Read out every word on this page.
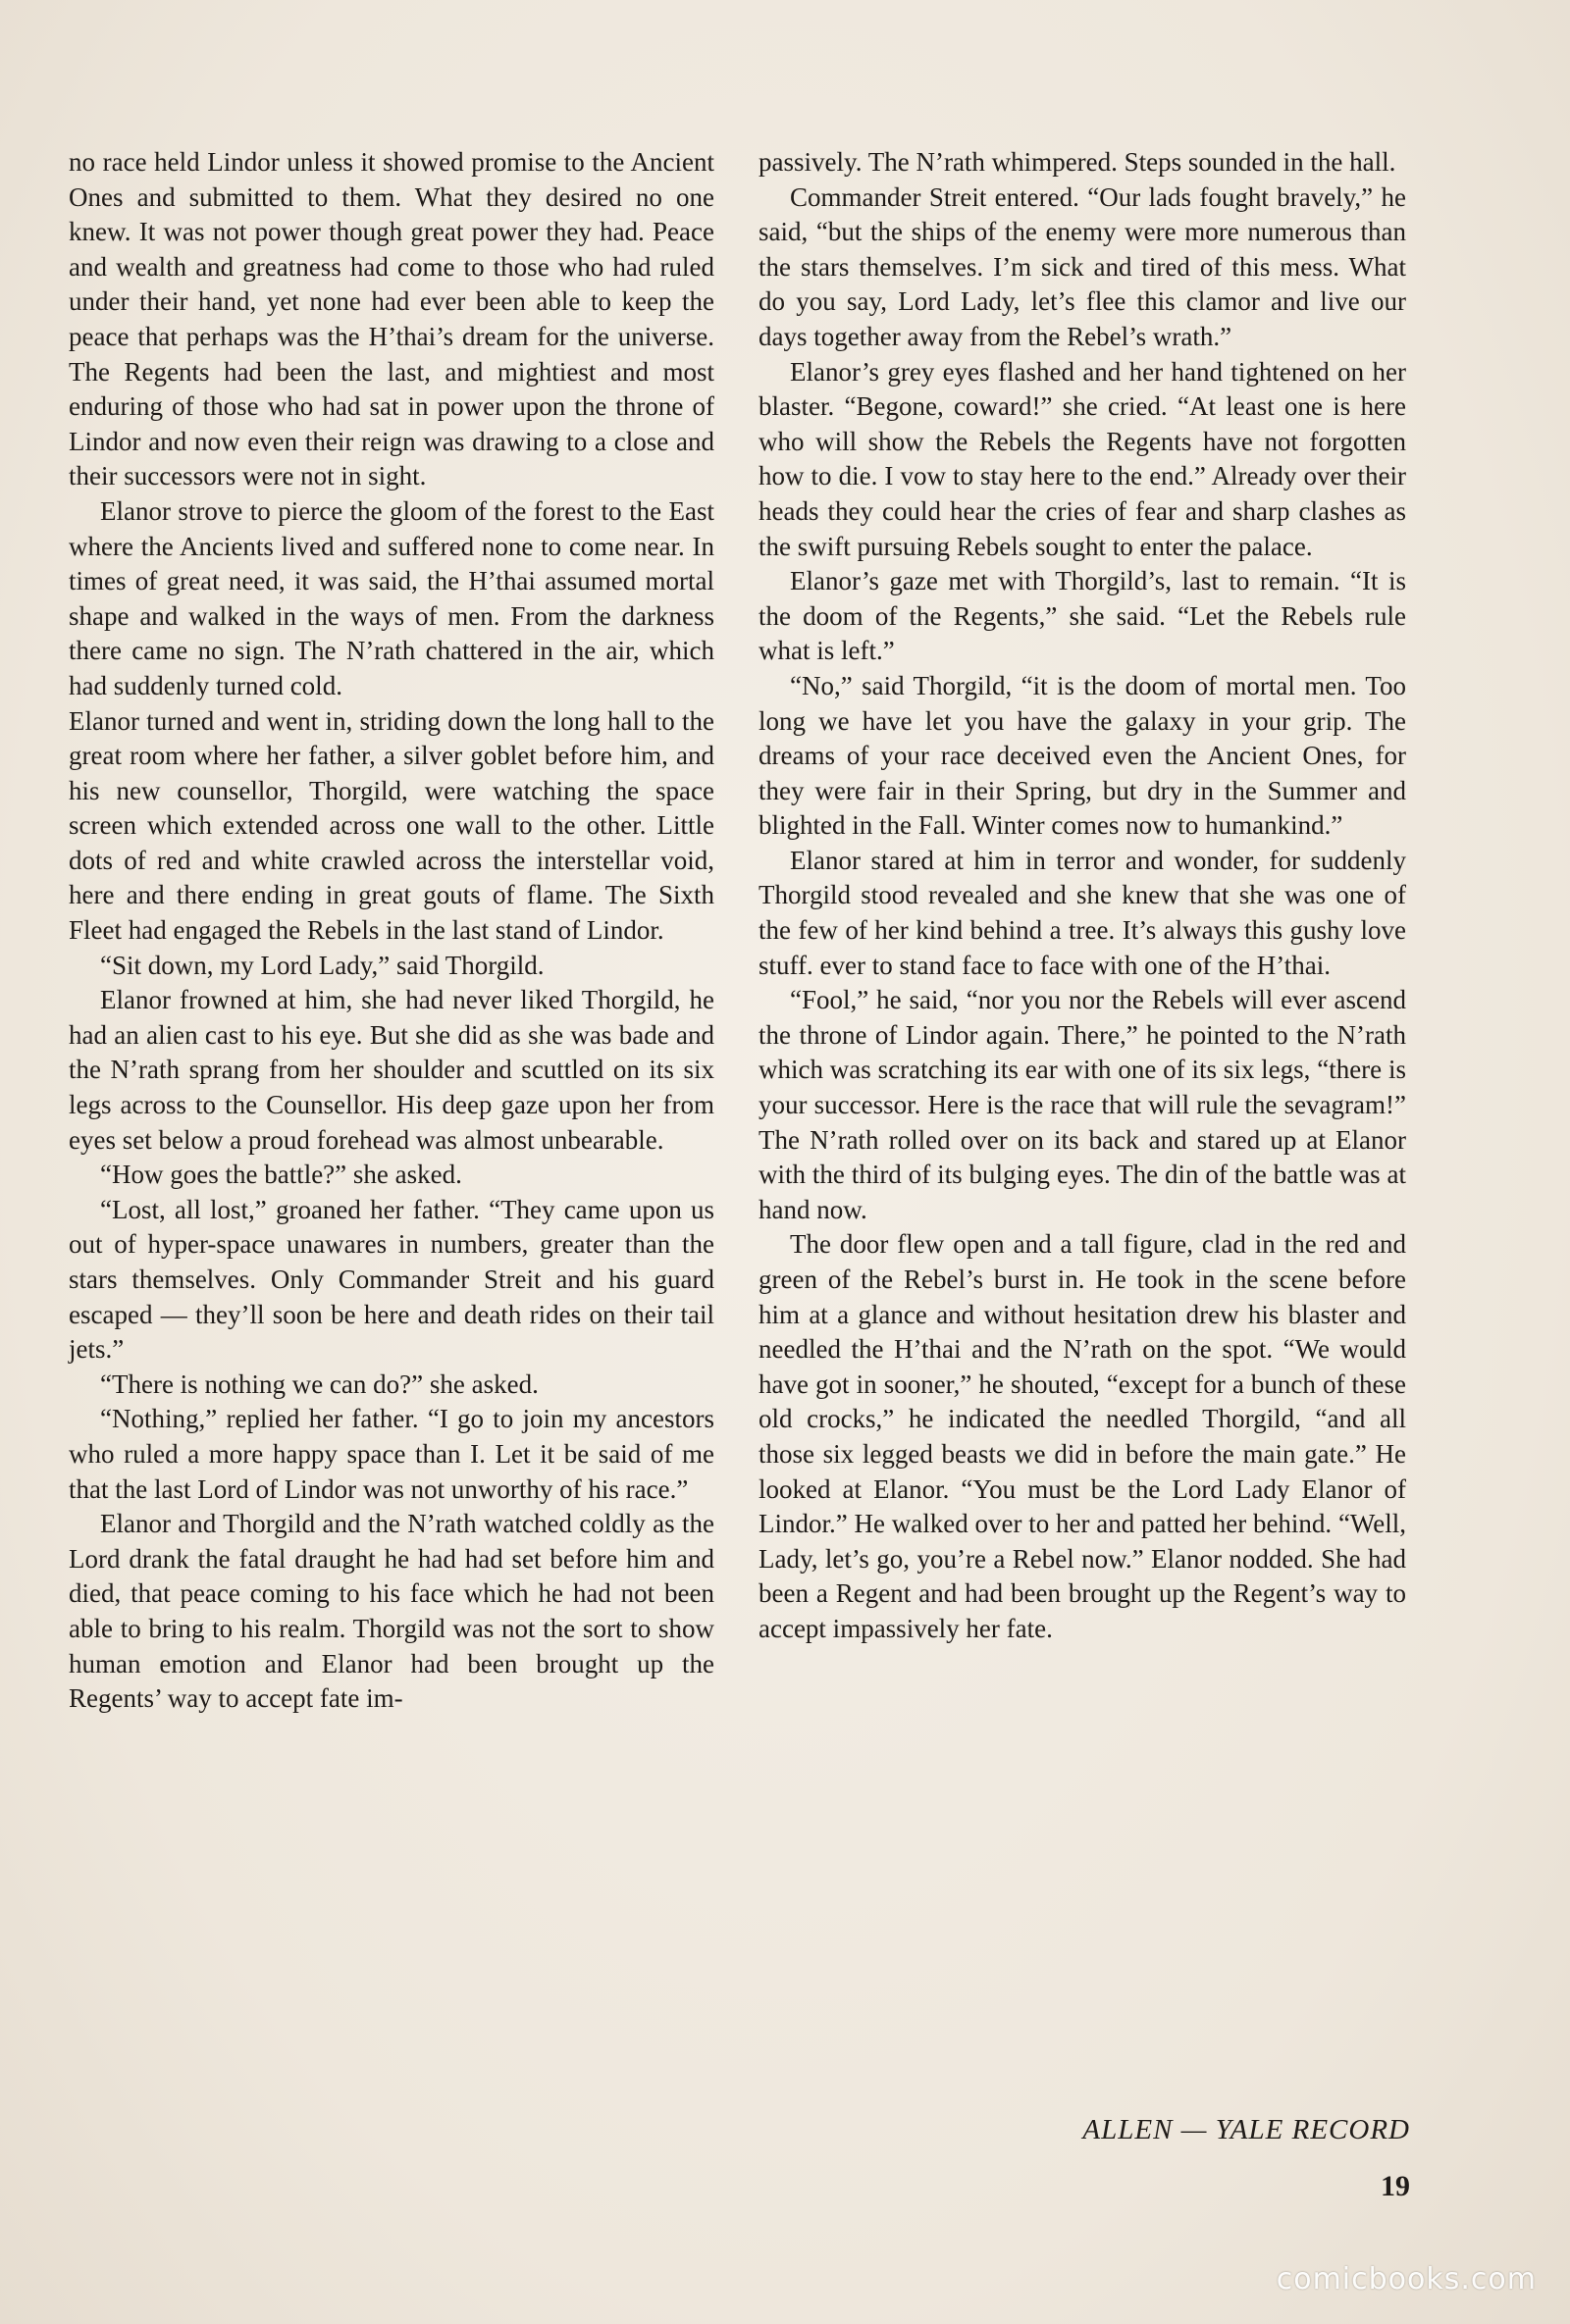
no race held Lindor unless it showed promise to the Ancient Ones and submitted to them. What they desired no one knew. It was not power though great power they had. Peace and wealth and greatness had come to those who had ruled under their hand, yet none had ever been able to keep the peace that perhaps was the H’thai’s dream for the universe. The Regents had been the last, and mightiest and most enduring of those who had sat in power upon the throne of Lindor and now even their reign was drawing to a close and their successors were not in sight.

Elanor strove to pierce the gloom of the forest to the East where the Ancients lived and suffered none to come near. In times of great need, it was said, the H’thai assumed mortal shape and walked in the ways of men. From the darkness there came no sign. The N’rath chattered in the air, which had suddenly turned cold.

Elanor turned and went in, striding down the long hall to the great room where her father, a silver goblet before him, and his new counsellor, Thorgild, were watching the space screen which extended across one wall to the other. Little dots of red and white crawled across the interstellar void, here and there ending in great gouts of flame. The Sixth Fleet had engaged the Rebels in the last stand of Lindor.

“Sit down, my Lord Lady,” said Thorgild.

Elanor frowned at him, she had never liked Thorgild, he had an alien cast to his eye. But she did as she was bade and the N’rath sprang from her shoulder and scuttled on its six legs across to the Counsellor. His deep gaze upon her from eyes set below a proud forehead was almost unbearable.

“How goes the battle?” she asked.

“Lost, all lost,” groaned her father. “They came upon us out of hyper-space unawares in numbers, greater than the stars themselves. Only Commander Streit and his guard escaped — they’ll soon be here and death rides on their tail jets.”

“There is nothing we can do?” she asked.

“Nothing,” replied her father. “I go to join my ancestors who ruled a more happy space than I. Let it be said of me that the last Lord of Lindor was not unworthy of his race.”

Elanor and Thorgild and the N’rath watched coldly as the Lord drank the fatal draught he had had set before him and died, that peace coming to his face which he had not been able to bring to his realm. Thorgild was not the sort to show human emotion and Elanor had been brought up the Regents’ way to accept fate im-

passively. The N’rath whimpered. Steps sounded in the hall.

Commander Streit entered. “Our lads fought bravely,” he said, “but the ships of the enemy were more numerous than the stars themselves. I’m sick and tired of this mess. What do you say, Lord Lady, let’s flee this clamor and live our days together away from the Rebel’s wrath.”

Elanor’s grey eyes flashed and her hand tightened on her blaster. “Begone, coward!” she cried. “At least one is here who will show the Rebels the Regents have not forgotten how to die. I vow to stay here to the end.” Already over their heads they could hear the cries of fear and sharp clashes as the swift pursuing Rebels sought to enter the palace.

Elanor’s gaze met with Thorgild’s, last to remain. “It is the doom of the Regents,” she said. “Let the Rebels rule what is left.”

“No,” said Thorgild, “it is the doom of mortal men. Too long we have let you have the galaxy in your grip. The dreams of your race deceived even the Ancient Ones, for they were fair in their Spring, but dry in the Summer and blighted in the Fall. Winter comes now to humankind.”

Elanor stared at him in terror and wonder, for suddenly Thorgild stood revealed and she knew that she was one of the few of her kind behind a tree. It’s always this gushy love stuff. ever to stand face to face with one of the H’thai.

“Fool,” he said, “nor you nor the Rebels will ever ascend the throne of Lindor again. There,” he pointed to the N’rath which was scratching its ear with one of its six legs, “there is your successor. Here is the race that will rule the sevagram!” The N’rath rolled over on its back and stared up at Elanor with the third of its bulging eyes. The din of the battle was at hand now.

The door flew open and a tall figure, clad in the red and green of the Rebel’s burst in. He took in the scene before him at a glance and without hesitation drew his blaster and needled the H’thai and the N’rath on the spot. “We would have got in sooner,” he shouted, “except for a bunch of these old crocks,” he indicated the needled Thorgild, “and all those six legged beasts we did in before the main gate.” He looked at Elanor. “You must be the Lord Lady Elanor of Lindor.” He walked over to her and patted her behind. “Well, Lady, let’s go, you’re a Rebel now.” Elanor nodded. She had been a Regent and had been brought up the Regent’s way to accept impassively her fate.

ALLEN — YALE RECORD
19
comicbooks.com
